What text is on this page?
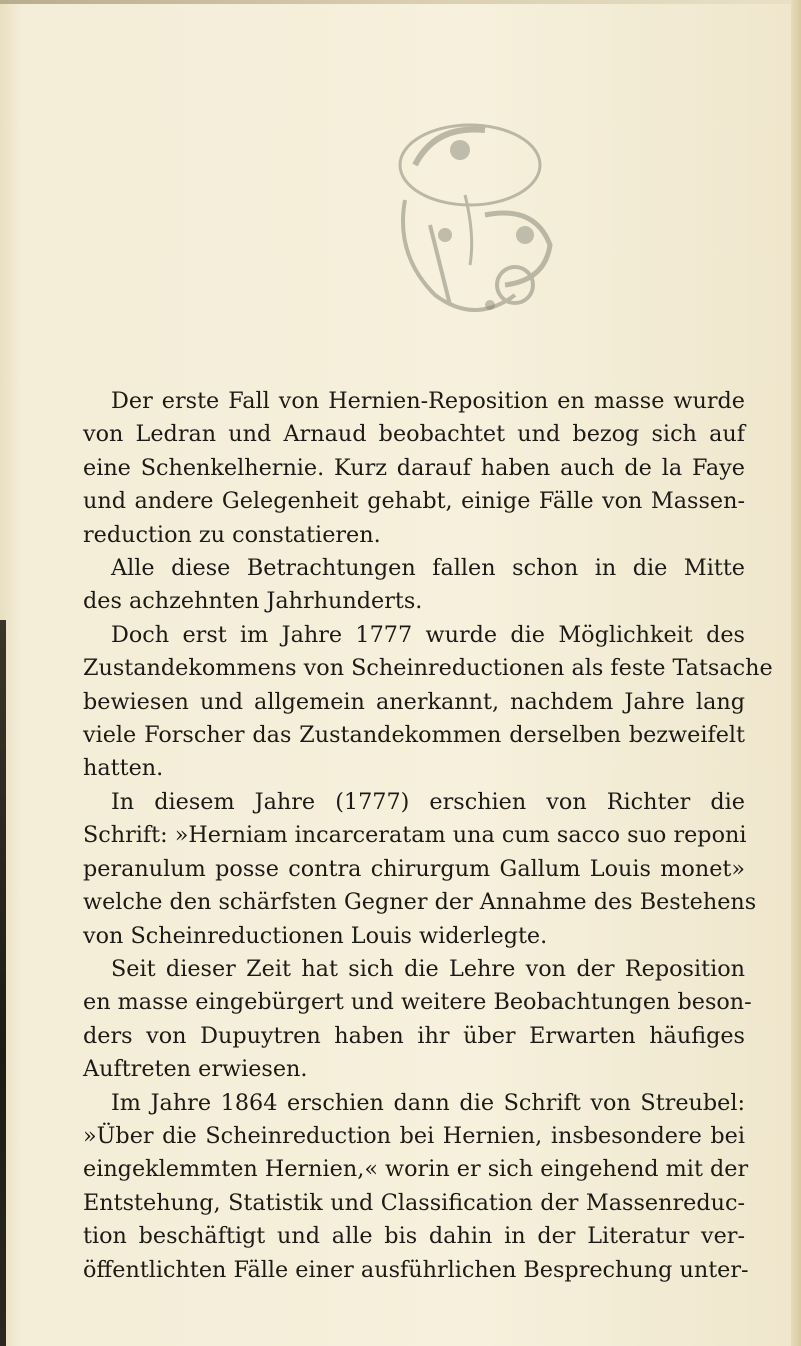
Der erste Fall von Hernien-Reposition en masse wurde
von Ledran und Arnaud beobachtet und bezog sich auf
eine Schenkelhernie. Kurz darauf haben auch de la Faye
und andere Gelegenheit gehabt, einige Fälle von Massen-
reduction zu constatieren.
Alle diese Betrachtungen fallen schon in die Mitte
des achzehnten Jahrhunderts.
Doch erst im Jahre 1777 wurde die Möglichkeit des
Zustandekommens von Scheinreductionen als feste Tatsache
bewiesen und allgemein anerkannt, nachdem Jahre lang
viele Forscher das Zustandekommen derselben bezweifelt
hatten.
In diesem Jahre (1777) erschien von Richter die
Schrift: »Herniam incarceratam una cum sacco suo reponi
peranulum posse contra chirurgum Gallum Louis monet»
welche den schärfsten Gegner der Annahme des Bestehens
von Scheinreductionen Louis widerlegte.
Seit dieser Zeit hat sich die Lehre von der Reposition
en masse eingebürgert und weitere Beobachtungen beson-
ders von Dupuytren haben ihr über Erwarten häufiges
Auftreten erwiesen.
Im Jahre 1864 erschien dann die Schrift von Streubel:
»Über die Scheinreduction bei Hernien, insbesondere bei
eingeklemmten Hernien,« worin er sich eingehend mit der
Entstehung, Statistik und Classification der Massenreduc-
tion beschäftigt und alle bis dahin in der Literatur ver-
öffentlichten Fälle einer ausführlichen Besprechung unter-
